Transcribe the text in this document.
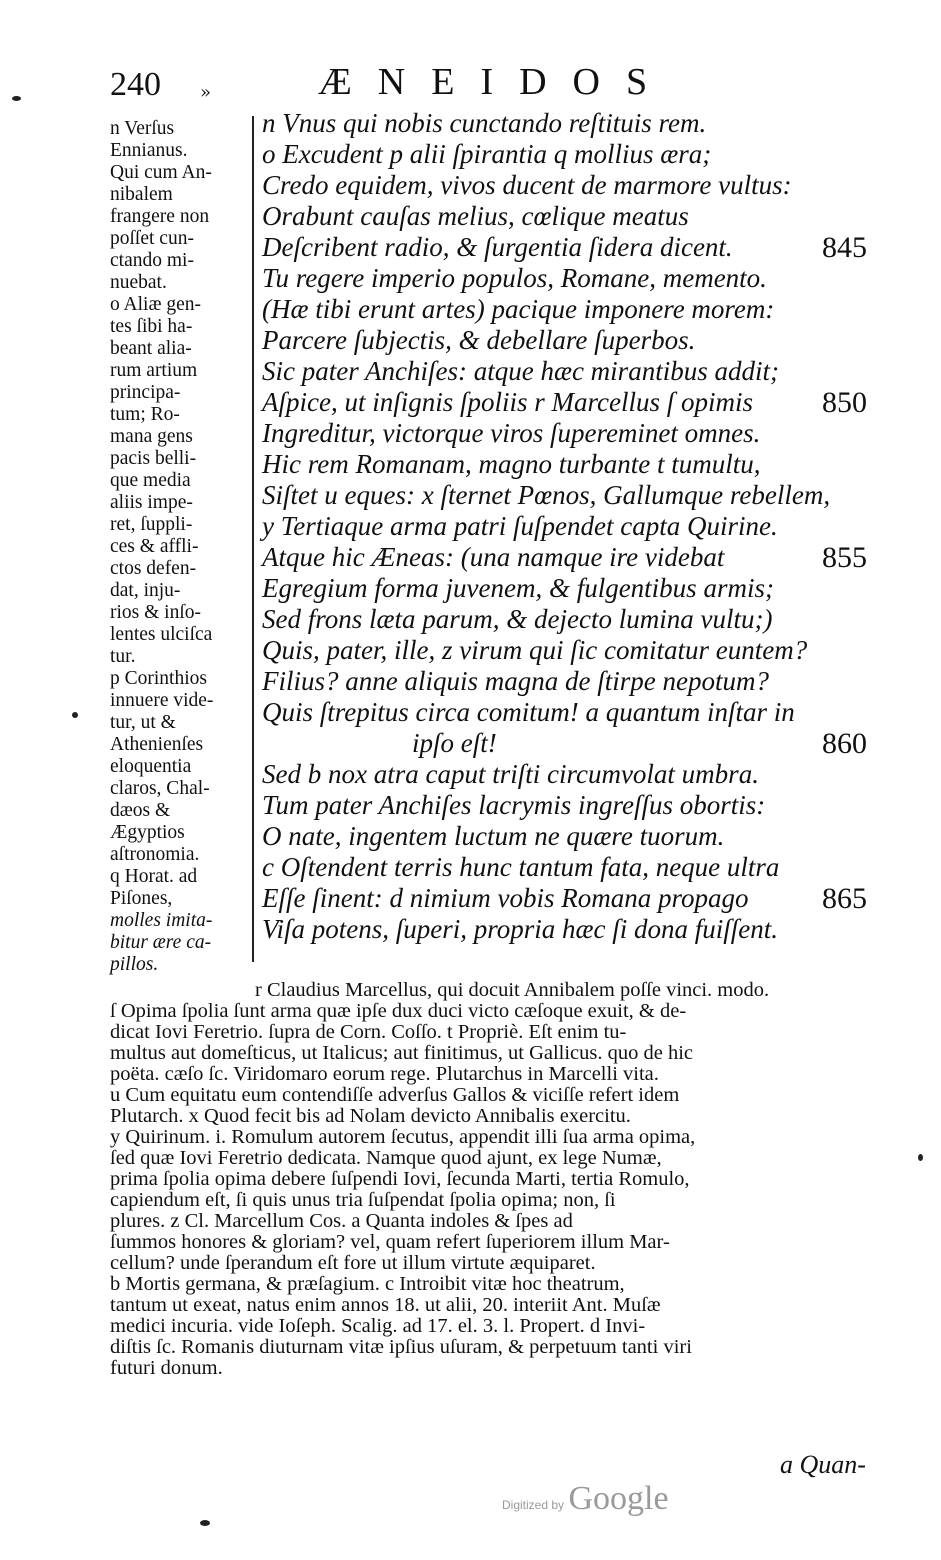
240 »	ÆNEIDOS
n Verſus
Ennianus.
Qui cum An-
nibalem
frangere non
poſſet cun-
ctando mi-
nuebat.
o Aliæ gen-
tes ſibi ha-
beant alia-
rum artium
principa-
tum; Ro-
mana gens
pacis belli-
que media
aliis impe-
ret, ſuppli-
ces & affli-
ctos defen-
dat, inju-
rios & inſo-
lentes ulciſca
tur.
p Corinthios
innuere vide-
tur, ut &
Athenienſes
eloquentia
claros, Chal-
dæos &
Ægyptios
aſtronomia.
q Horat. ad
Piſones,
molles imita-
bitur ære ca-
pillos.
n Vnus qui nobis cunctando reſtituis rem.
o Excudent p alii ſpirantia q mollius æra;
Credo equidem, vivos ducent de marmore vultus:
Orabunt cauſas melius, cœlique meatus
Deſcribent radio, & ſurgentia ſidera dicent.	845
Tu regere imperio populos, Romane, memento.
(Hæ tibi erunt artes) pacique imponere morem:
Parcere ſubjectis, & debellare ſuperbos.
Sic pater Anchiſes: atque hæc mirantibus addit;
Aſpice, ut inſignis ſpoliis r Marcellus ſ opimis 850
Ingreditur, victorque viros ſupereminet omnes.
Hic rem Romanam, magno turbante t tumultu,
Siſtet u eques: x ſternet Pœnos, Gallumque rebellem,
y Tertiaque arma patri ſuſpendet capta Quirine.
Atque hic Æneas: (una namque ire videbat	855
Egregium forma juvenem, & fulgentibus armis;
Sed frons læta parum, & dejecto lumina vultu;)
Quis, pater, ille, z virum qui ſic comitatur euntem?
Filius? anne aliquis magna de ſtirpe nepotum?
Quis ſtrepitus circa comitum! a quantum inſtar in
ipſo eſt!	860
Sed b nox atra caput triſti circumvolat umbra.
Tum pater Anchiſes lacrymis ingreſſus obortis:
O nate, ingentem luctum ne quære tuorum.
c Oſtendent terris hunc tantum fata, neque ultra
Eſſe ſinent: d nimium vobis Romana propago 865
Viſa potens, ſuperi, propria hæc ſi dona fuiſſent.
r Claudius Marcellus, qui docuit Annibalem poſſe vinci. modo.
ſ Opima ſpolia ſunt arma quæ ipſe dux duci victo cæſoque exuit, & de-
dicat Iovi Feretrio. ſupra de Corn. Coſſo. t Propriè. Eſt enim tu-
multus aut domeſticus, ut Italicus; aut finitimus, ut Gallicus. quo de hic
poëta. cæſo ſc. Viridomaro eorum rege. Plutarchus in Marcelli vita.
u Cum equitatu eum contendiſſe adverſus Gallos & viciſſe refert idem
Plutarch. x Quod fecit bis ad Nolam devicto Annibalis exercitu.
y Quirinum. i. Romulum autorem ſecutus, appendit illi ſua arma opima,
ſed quæ Iovi Feretrio dedicata. Namque quod ajunt, ex lege Numæ,
prima ſpolia opima debere ſuſpendi Iovi, ſecunda Marti, tertia Romulo,
capiendum eſt, ſi quis unus tria ſuſpendat ſpolia opima; non, ſi
plures. z Cl. Marcellum Cos. a Quanta indoles & ſpes ad
ſummos honores & gloriam? vel, quam refert ſuperiorem illum Mar-
cellum? unde ſperandum eſt fore ut illum virtute æquiparet.
b Mortis germana, & præſagium. c Introibit vitæ hoc theatrum,
tantum ut exeat, natus enim annos 18. ut alii, 20. interiit Ant. Muſæ
medici incuria. vide Ioſeph. Scalig. ad 17. el. 3. l. Propert. d Invi-
diſtis ſc. Romanis diuturnam vitæ ipſius uſuram, & perpetuum tanti viri
futuri donum.
a Quan-
Digitized by Google
